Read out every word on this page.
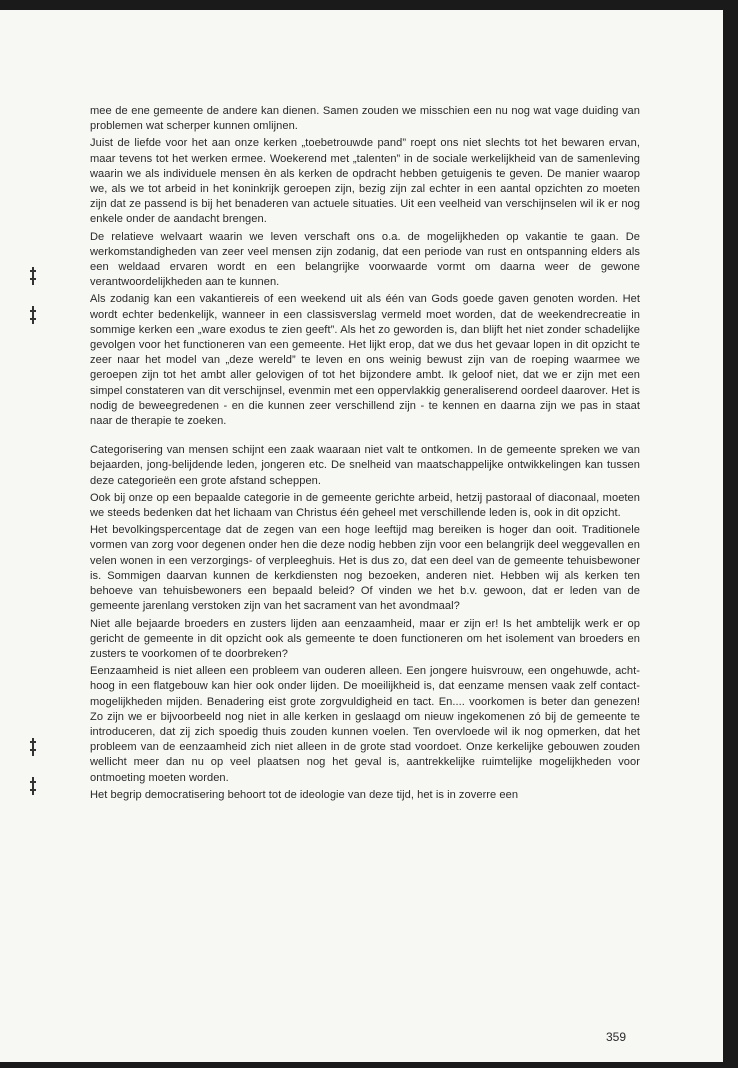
mee de ene gemeente de andere kan dienen. Samen zouden we misschien een nu nog wat vage duiding van problemen wat scherper kunnen omlijnen.

Juist de liefde voor het aan onze kerken „toebetrouwde pand” roept ons niet slechts tot het bewaren ervan, maar tevens tot het werken ermee. Woekerend met „talenten” in de sociale werkelijkheid van de samenleving waarin we als individuele mensen èn als kerken de opdracht hebben getuigenis te geven. De manier waarop we, als we tot arbeid in het koninkrijk geroepen zijn, bezig zijn zal echter in een aantal opzichten zo moeten zijn dat ze passend is bij het benaderen van actuele situaties. Uit een veelheid van verschijnselen wil ik er nog enkele onder de aandacht brengen.

De relatieve welvaart waarin we leven verschaft ons o.a. de mogelijkheden op vakantie te gaan. De werkomstandigheden van zeer veel mensen zijn zodanig, dat een periode van rust en ontspanning elders als een weldaad ervaren wordt en een belangrijke voorwaarde vormt om daarna weer de gewone verantwoordelijkheden aan te kunnen.

Als zodanig kan een vakantiereis of een weekend uit als één van Gods goede gaven genoten worden. Het wordt echter bedenkelijk, wanneer in een classisverslag vermeld moet worden, dat de weekendrecreatie in sommige kerken een „ware exodus te zien geeft”. Als het zo geworden is, dan blijft het niet zonder schadelijke gevolgen voor het functioneren van een gemeente. Het lijkt erop, dat we dus het gevaar lopen in dit opzicht te zeer naar het model van „deze wereld” te leven en ons weinig bewust zijn van de roeping waarmee we geroepen zijn tot het ambt aller gelovigen of tot het bijzondere ambt. Ik geloof niet, dat we er zijn met een simpel constateren van dit verschijnsel, evenmin met een oppervlakkig generaliserend oordeel daarover. Het is nodig de beweegredenen - en die kunnen zeer verschillend zijn - te kennen en daarna zijn we pas in staat naar de therapie te zoeken.

Categorisering van mensen schijnt een zaak waaraan niet valt te ontkomen. In de gemeente spreken we van bejaarden, jong-belijdende leden, jongeren etc. De snelheid van maatschappelijke ontwikkelingen kan tussen deze categorieën een grote afstand scheppen.

Ook bij onze op een bepaalde categorie in de gemeente gerichte arbeid, hetzij pastoraal of diaconaal, moeten we steeds bedenken dat het lichaam van Christus één geheel met verschillende leden is, ook in dit opzicht.

Het bevolkingspercentage dat de zegen van een hoge leeftijd mag bereiken is hoger dan ooit. Traditionele vormen van zorg voor degenen onder hen die deze nodig hebben zijn voor een belangrijk deel weggevallen en velen wonen in een verzorgings- of verpleeghuis. Het is dus zo, dat een deel van de gemeente tehuisbewoner is. Sommigen daarvan kunnen de kerkdiensten nog bezoeken, anderen niet. Hebben wij als kerken ten behoeve van tehuisbewoners een bepaald beleid? Of vinden we het b.v. gewoon, dat er leden van de gemeente jarenlang verstoken zijn van het sacrament van het avondmaal?

Niet alle bejaarde broeders en zusters lijden aan eenzaamheid, maar er zijn er! Is het ambtelijk werk er op gericht de gemeente in dit opzicht ook als gemeente te doen functioneren om het isolement van broeders en zusters te voorkomen of te doorbreken?

Eenzaamheid is niet alleen een probleem van ouderen alleen. Een jongere huisvrouw, een ongehuwde, acht-hoog in een flatgebouw kan hier ook onder lijden. De moeilijkheid is, dat eenzame mensen vaak zelf contact-mogelijkheden mijden. Benadering eist grote zorgvuldigheid en tact. En.... voorkomen is beter dan genezen! Zo zijn we er bijvoorbeeld nog niet in alle kerken in geslaagd om nieuw ingekomenen zó bij de gemeente te introduceren, dat zij zich spoedig thuis zouden kunnen voelen. Ten overvloede wil ik nog opmerken, dat het probleem van de eenzaamheid zich niet alleen in de grote stad voordoet. Onze kerkelijke gebouwen zouden wellicht meer dan nu op veel plaatsen nog het geval is, aantrekkelijke ruimtelijke mogelijkheden voor ontmoeting moeten worden.

Het begrip democratisering behoort tot de ideologie van deze tijd, het is in zoverre een

359
